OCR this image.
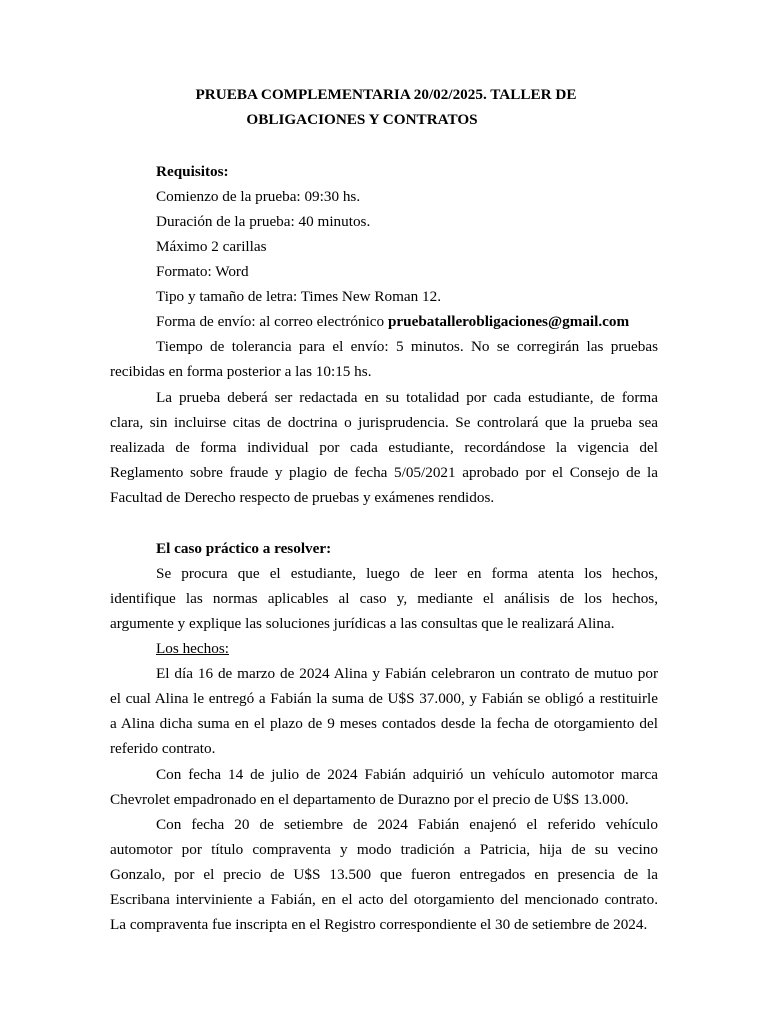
PRUEBA COMPLEMENTARIA 20/02/2025. TALLER DE
OBLIGACIONES Y CONTRATOS
Requisitos:
Comienzo de la prueba: 09:30 hs.
Duración de la prueba: 40 minutos.
Máximo 2 carillas
Formato: Word
Tipo y tamaño de letra: Times New Roman 12.
Forma de envío: al correo electrónico pruebatallerobligaciones@gmail.com
Tiempo de tolerancia para el envío: 5 minutos. No se corregirán las pruebas
recibidas en forma posterior a las 10:15 hs.
La prueba deberá ser redactada en su totalidad por cada estudiante, de forma
clara, sin incluirse citas de doctrina o jurisprudencia. Se controlará que la prueba sea
realizada de forma individual por cada estudiante, recordándose la vigencia del
Reglamento sobre fraude y plagio de fecha 5/05/2021 aprobado por el Consejo de la
Facultad de Derecho respecto de pruebas y exámenes rendidos.
El caso práctico a resolver:
Se procura que el estudiante, luego de leer en forma atenta los hechos,
identifique las normas aplicables al caso y, mediante el análisis de los hechos,
argumente y explique las soluciones jurídicas a las consultas que le realizará Alina.
Los hechos:
El día 16 de marzo de 2024 Alina y Fabián celebraron un contrato de mutuo por
el cual Alina le entregó a Fabián la suma de U$S 37.000, y Fabián se obligó a restituirle
a Alina dicha suma en el plazo de 9 meses contados desde la fecha de otorgamiento del
referido contrato.
Con fecha 14 de julio de 2024 Fabián adquirió un vehículo automotor marca
Chevrolet empadronado en el departamento de Durazno por el precio de U$S 13.000.
Con fecha 20 de setiembre de 2024 Fabián enajenó el referido vehículo
automotor por título compraventa y modo tradición a Patricia, hija de su vecino
Gonzalo, por el precio de U$S 13.500 que fueron entregados en presencia de la
Escribana interviniente a Fabián, en el acto del otorgamiento del mencionado contrato.
La compraventa fue inscripta en el Registro correspondiente el 30 de setiembre de 2024.
